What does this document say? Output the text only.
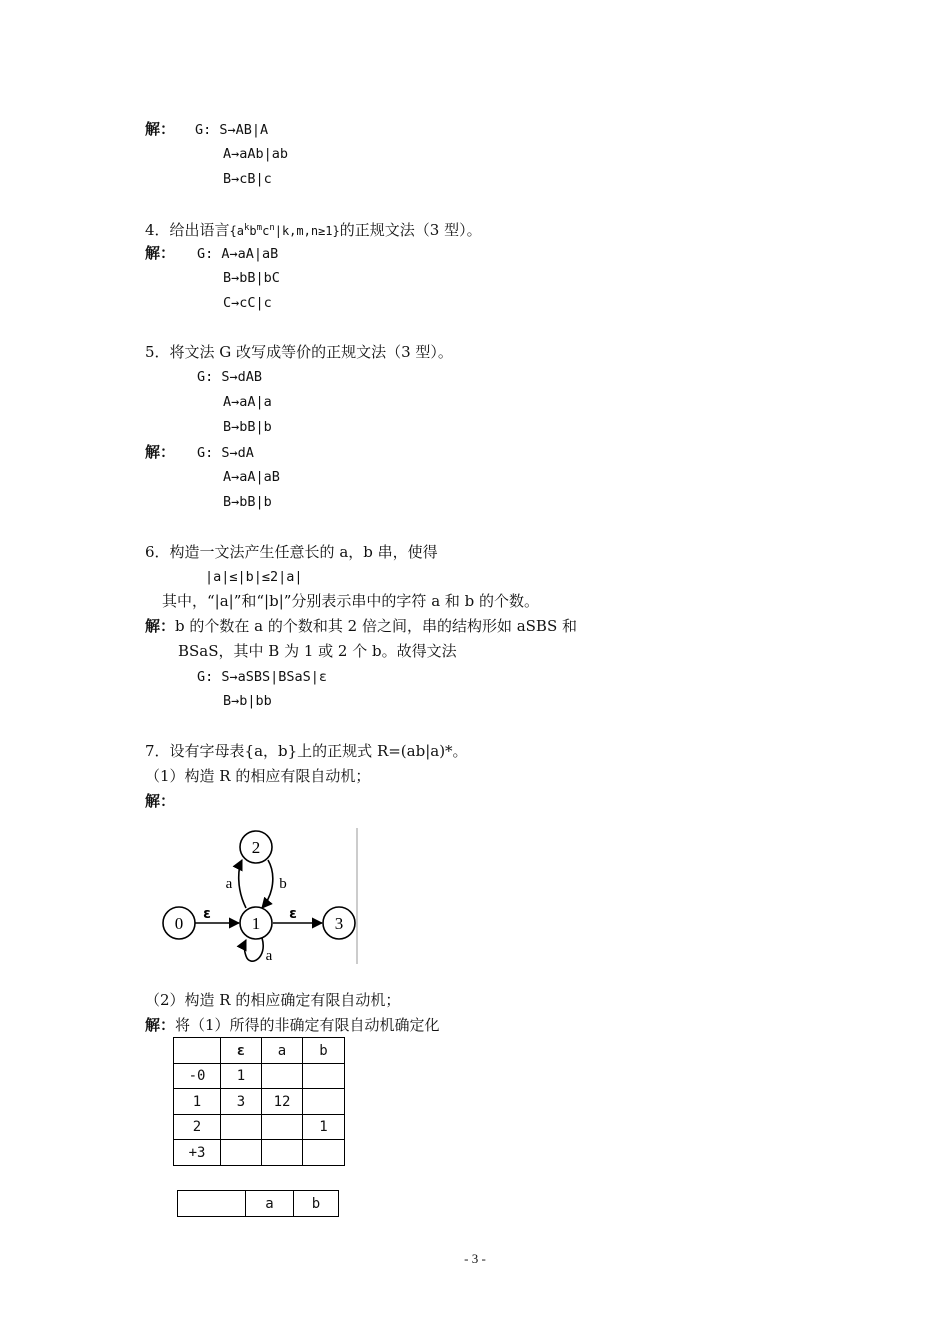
解： G: S→AB|A
A→aAb|ab
B→cB|c
4．给出语言$\{a^kb^mc^n|k,m,n\ge 1\}$的正规文法（3 型）。
解： G: A→aA|aB
B→bB|bC
C→cC|c
5．将文法 G 改写成等价的正规文法（3 型）。
G: S→dAB
A→aA|a
B→bB|b
解： G: S→dA
A→aA|aB
B→bB|b
6．构造一文法产生任意长的 a，b 串，使得
|a|≤|b|≤2|a|
其中，“|a|”和“|b|”分别表示串中的字符 a 和 b 的个数。
解：b 的个数在 a 的个数和其 2 倍之间，串的结构形如 aSBS 和
BSaS，其中 B 为 1 或 2 个 b。故得文法
G: S→aSBS|BSaS|ε
B→b|bb
7．设有字母表{a，b}上的正规式 R=(ab|a)*。
（1）构造 R 的相应有限自动机；
解：
0	1
2
3
ε	ε
a	b
a
（2）构造 R 的相应确定有限自动机；
解：将（1）所得的非确定有限自动机确定化
	ε	a	b
-0	1		
1	3	12	
2			1
+3			
	a	b
- 3 -
